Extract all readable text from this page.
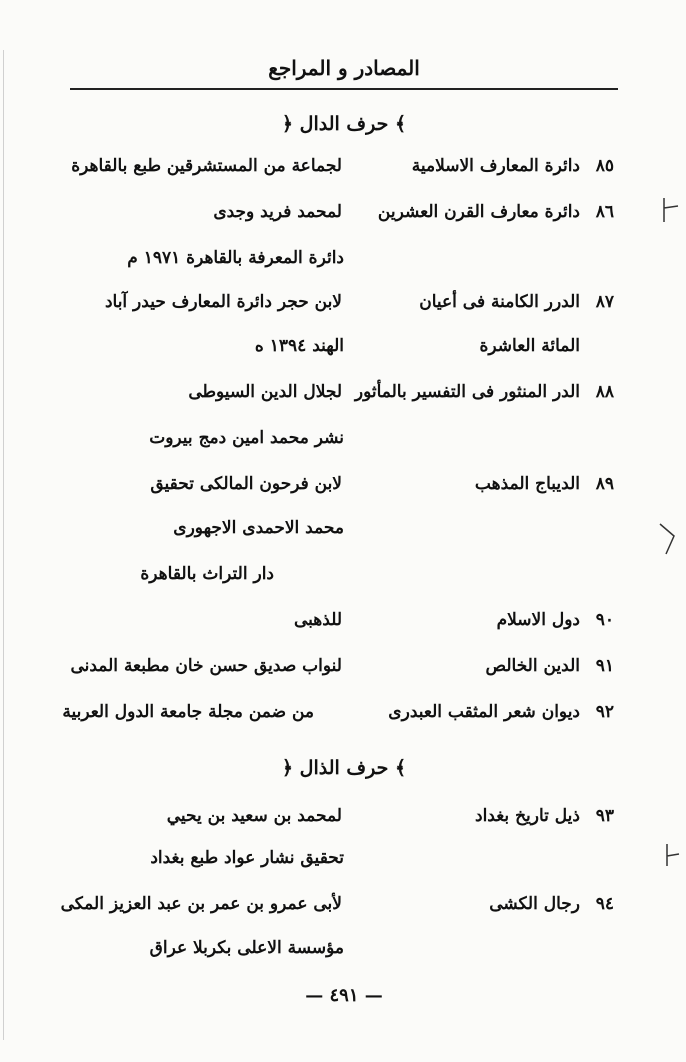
المصادر و المراجع
﴿ حرف الدال ﴾
٨٥
دائرة المعارف الاسلامية
لجماعة من المستشرقين طبع بالقاهرة
٨٦
دائرة معارف القرن العشرين
لمحمد فريد وجدى
دائرة المعرفة بالقاهرة ١٩٧١ م
٨٧
الدرر الكامنة فى أعيان
لابن حجر دائرة المعارف حيدر آباد
المائة العاشرة
الهند ١٣٩٤ ه
٨٨
الدر المنثور فى التفسير بالمأثور
لجلال الدين السيوطى
نشر محمد امين دمج بيروت
٨٩
الديباج المذهب
لابن فرحون المالكى تحقيق
محمد الاحمدى الاجهورى
دار التراث بالقاهرة
٩٠
دول الاسلام
للذهبى
٩١
الدين الخالص
لنواب صديق حسن خان مطبعة المدنى
٩٢
ديوان شعر المثقب العبدرى
من ضمن مجلة جامعة الدول العربية
﴿ حرف الذال ﴾
٩٣
ذيل تاريخ بغداد
لمحمد بن سعيد بن يحيي
تحقيق نشار عواد طبع بغداد
٩٤
رجال الكشى
لأبى عمرو بن عمر بن عبد العزيز المكى
مؤسسة الاعلى بكربلا عراق
— ٤٩١ —
